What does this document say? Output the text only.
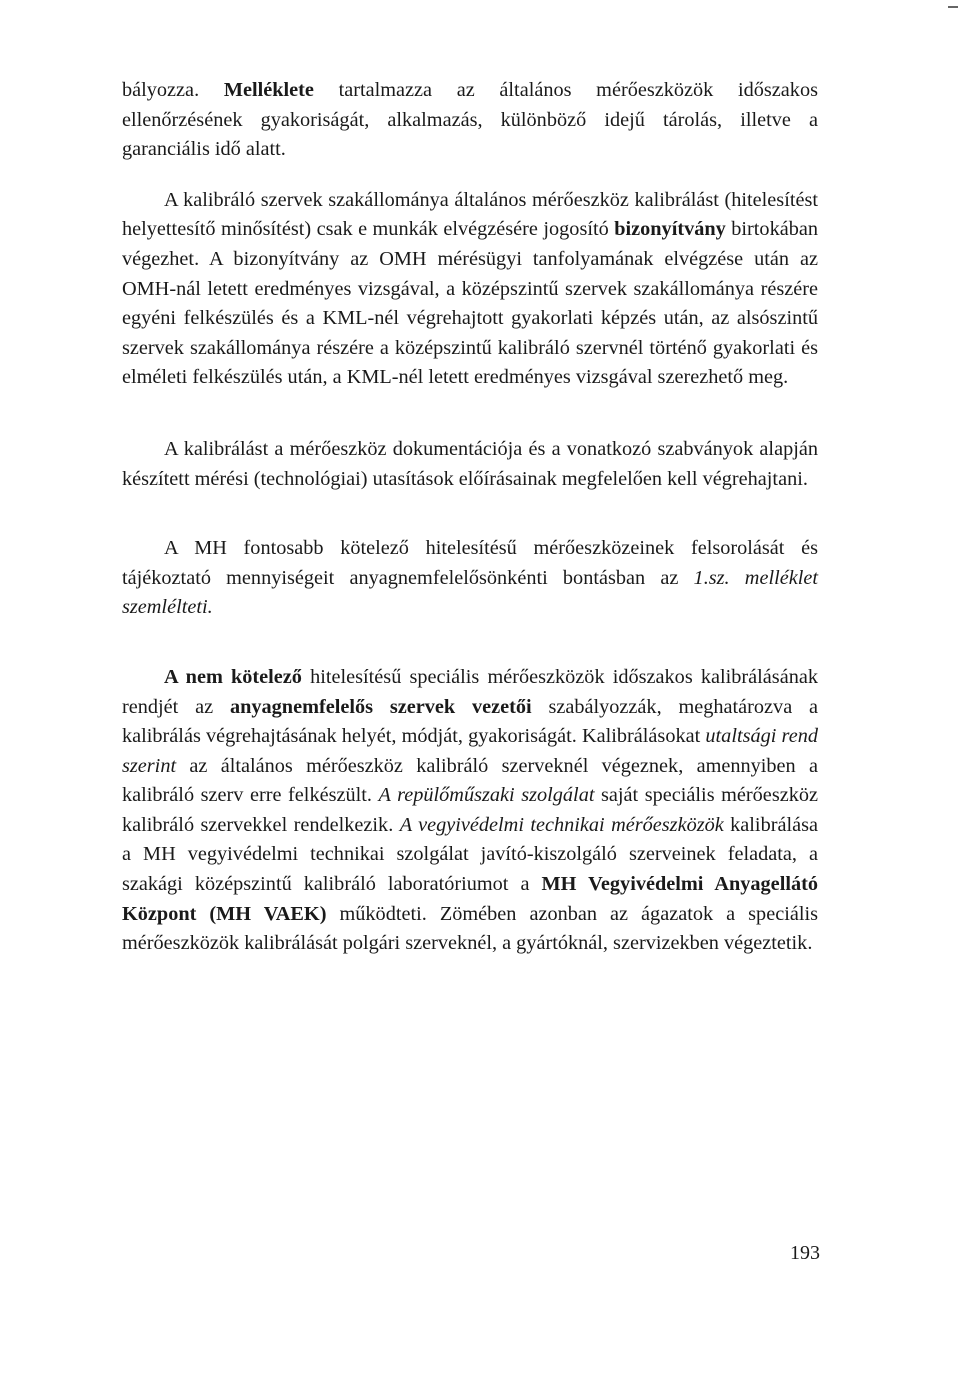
bályozza. Melléklete tartalmazza az általános mérőeszközök időszakos ellenőrzésének gyakoriságát, alkalmazás, különböző idejű tárolás, illetve a garanciális idő alatt.

A kalibráló szervek szakállománya általános mérőeszköz kalibrálást (hitelesítést helyettesítő minősítést) csak e munkák elvégzésére jogosító bizonyítvány birtokában végezhet. A bizonyítvány az OMH mérésügyi tanfolyamának elvégzése után az OMH-nál letett eredményes vizsgával, a középszintű szervek szakállománya részére egyéni felkészülés és a KML-nél végrehajtott gyakorlati képzés után, az alsószintű szervek szakállománya részére a középszintű kalibráló szervnél történő gyakorlati és elméleti felkészülés után, a KML-nél letett eredményes vizsgával szerezhető meg.

A kalibrálást a mérőeszköz dokumentációja és a vonatkozó szabványok alapján készített mérési (technológiai) utasítások előírásainak megfelelően kell végrehajtani.

A MH fontosabb kötelező hitelesítésű mérőeszközeinek felsorolását és tájékoztató mennyiségeit anyagnemfelelősönkénti bontásban az 1.sz. melléklet szemlélteti.

A nem kötelező hitelesítésű speciális mérőeszközök időszakos kalibrálásának rendjét az anyagnemfelelős szervek vezetői szabályozzák, meghatározva a kalibrálás végrehajtásának helyét, módját, gyakoriságát. Kalibrálásokat utaltsági rend szerint az általános mérőeszköz kalibráló szerveknél végeznek, amennyiben a kalibráló szerv erre felkészült. A repülőműszaki szolgálat saját speciális mérőeszköz kalibráló szervekkel rendelkezik. A vegyivédelmi technikai mérőeszközök kalibrálása a MH vegyivédelmi technikai szolgálat javító-kiszolgáló szerveinek feladata, a szakági középszintű kalibráló laboratóriumot a MH Vegyivédelmi Anyagellátó Központ (MH VAEK) működteti. Zömében azonban az ágazatok a speciális mérőeszközök kalibrálását polgári szerveknél, a gyártóknál, szervizekben végeztetik.

193
